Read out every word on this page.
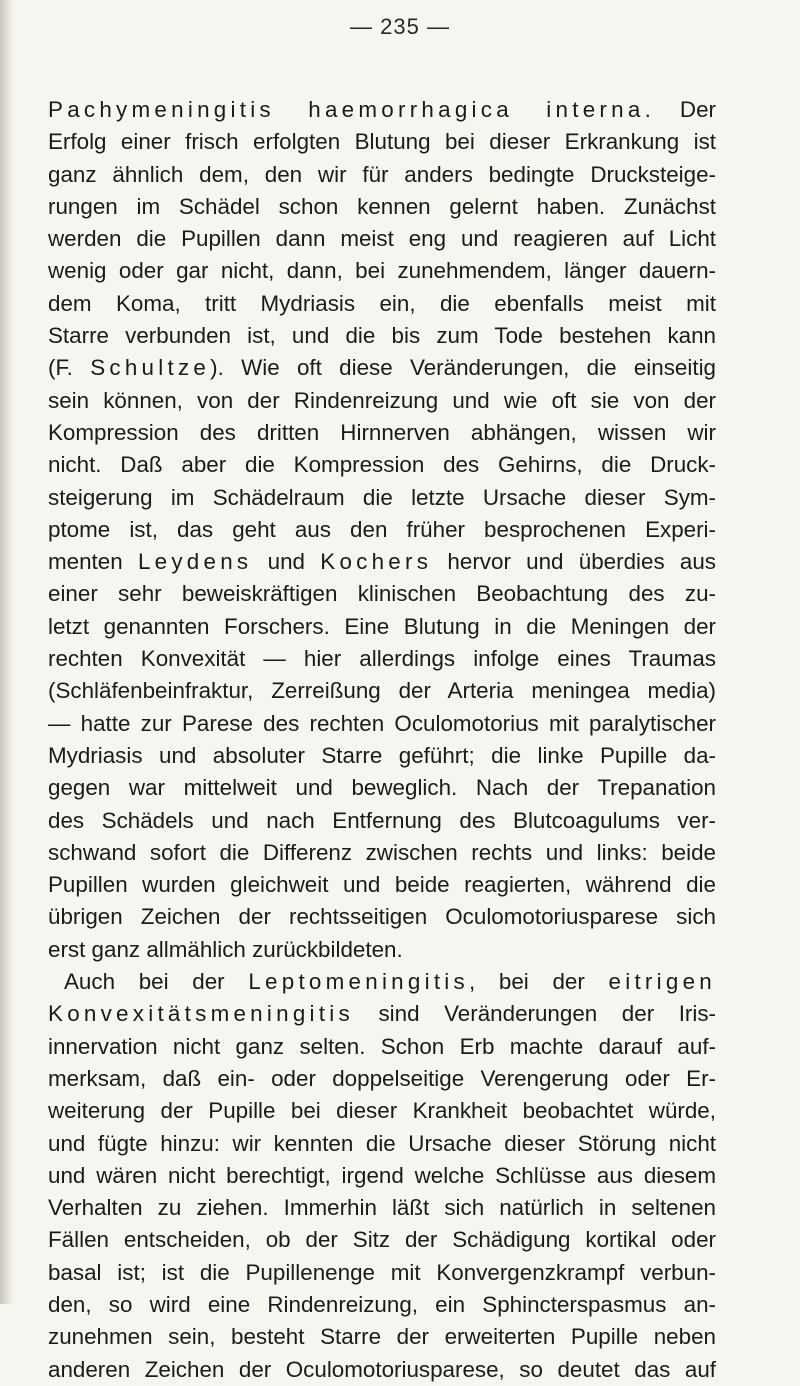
— 235 —
Pachymeningitis haemorrhagica interna. Der
Erfolg einer frisch erfolgten Blutung bei dieser Erkrankung ist
ganz ähnlich dem, den wir für anders bedingte Drucksteige-
rungen im Schädel schon kennen gelernt haben. Zunächst
werden die Pupillen dann meist eng und reagieren auf Licht
wenig oder gar nicht, dann, bei zunehmendem, länger dauern-
dem Koma, tritt Mydriasis ein, die ebenfalls meist mit
Starre verbunden ist, und die bis zum Tode bestehen kann
(F. Schultze). Wie oft diese Veränderungen, die einseitig
sein können, von der Rindenreizung und wie oft sie von der
Kompression des dritten Hirnnerven abhängen, wissen wir
nicht. Daß aber die Kompression des Gehirns, die Druck-
steigerung im Schädelraum die letzte Ursache dieser Sym-
ptome ist, das geht aus den früher besprochenen Experi-
menten Leydens und Kochers hervor und überdies aus
einer sehr beweiskräftigen klinischen Beobachtung des zu-
letzt genannten Forschers. Eine Blutung in die Meningen der
rechten Konvexität — hier allerdings infolge eines Traumas
(Schläfenbeinfraktur, Zerreißung der Arteria meningea media)
— hatte zur Parese des rechten Oculomotorius mit paralytischer
Mydriasis und absoluter Starre geführt; die linke Pupille da-
gegen war mittelweit und beweglich. Nach der Trepanation
des Schädels und nach Entfernung des Blutcoagulums ver-
schwand sofort die Differenz zwischen rechts und links: beide
Pupillen wurden gleichweit und beide reagierten, während die
übrigen Zeichen der rechtsseitigen Oculomotoriusparese sich
erst ganz allmählich zurückbildeten.
Auch bei der Leptomeningitis, bei der eitrigen
Konvexitätsmeningitis sind Veränderungen der Iris-
innervation nicht ganz selten. Schon Erb machte darauf auf-
merksam, daß ein- oder doppelseitige Verengerung oder Er-
weiterung der Pupille bei dieser Krankheit beobachtet würde,
und fügte hinzu: wir kennten die Ursache dieser Störung nicht
und wären nicht berechtigt, irgend welche Schlüsse aus diesem
Verhalten zu ziehen. Immerhin läßt sich natürlich in seltenen
Fällen entscheiden, ob der Sitz der Schädigung kortikal oder
basal ist; ist die Pupillenenge mit Konvergenzkrampf verbun-
den, so wird eine Rindenreizung, ein Sphincterspasmus an-
zunehmen sein, besteht Starre der erweiterten Pupille neben
anderen Zeichen der Oculomotoriusparese, so deutet das auf
